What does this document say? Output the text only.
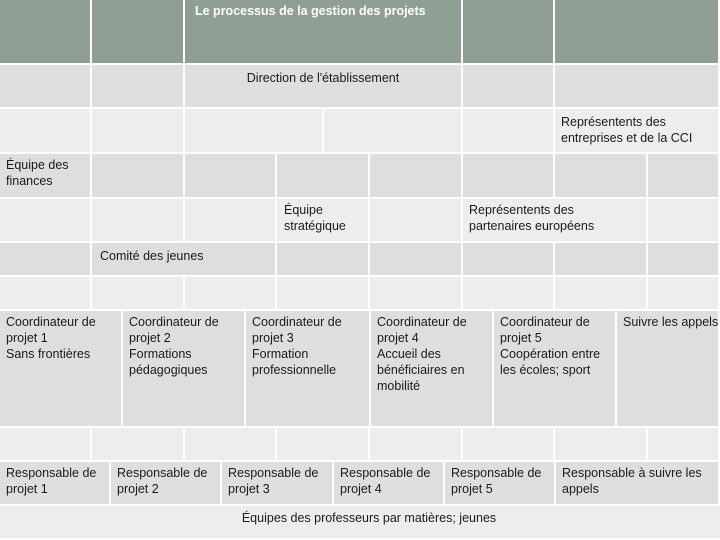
Le processus de la gestion des projets
Direction de l'établissement
Représentents des
entreprises et de la CCI
Équipe des
finances
Équipe
stratégique
Représentents des
partenaires européens
Comité des jeunes
Coordinateur de
projet 1
Sans frontières
Coordinateur de
projet 2
Formations
pédagogiques
Coordinateur de
projet 3
Formation
professionnelle
Coordinateur de
projet 4
Accueil des
bénéficiaires en
mobilité
Coordinateur de
projet 5
Coopération entre
les écoles; sport
Suivre les appels
Responsable de
projet 1
Responsable de
projet 2
Responsable de
projet 3
Responsable de
projet 4
Responsable de
projet 5
Responsable à suivre les
appels
Équipes des professeurs par matières; jeunes
